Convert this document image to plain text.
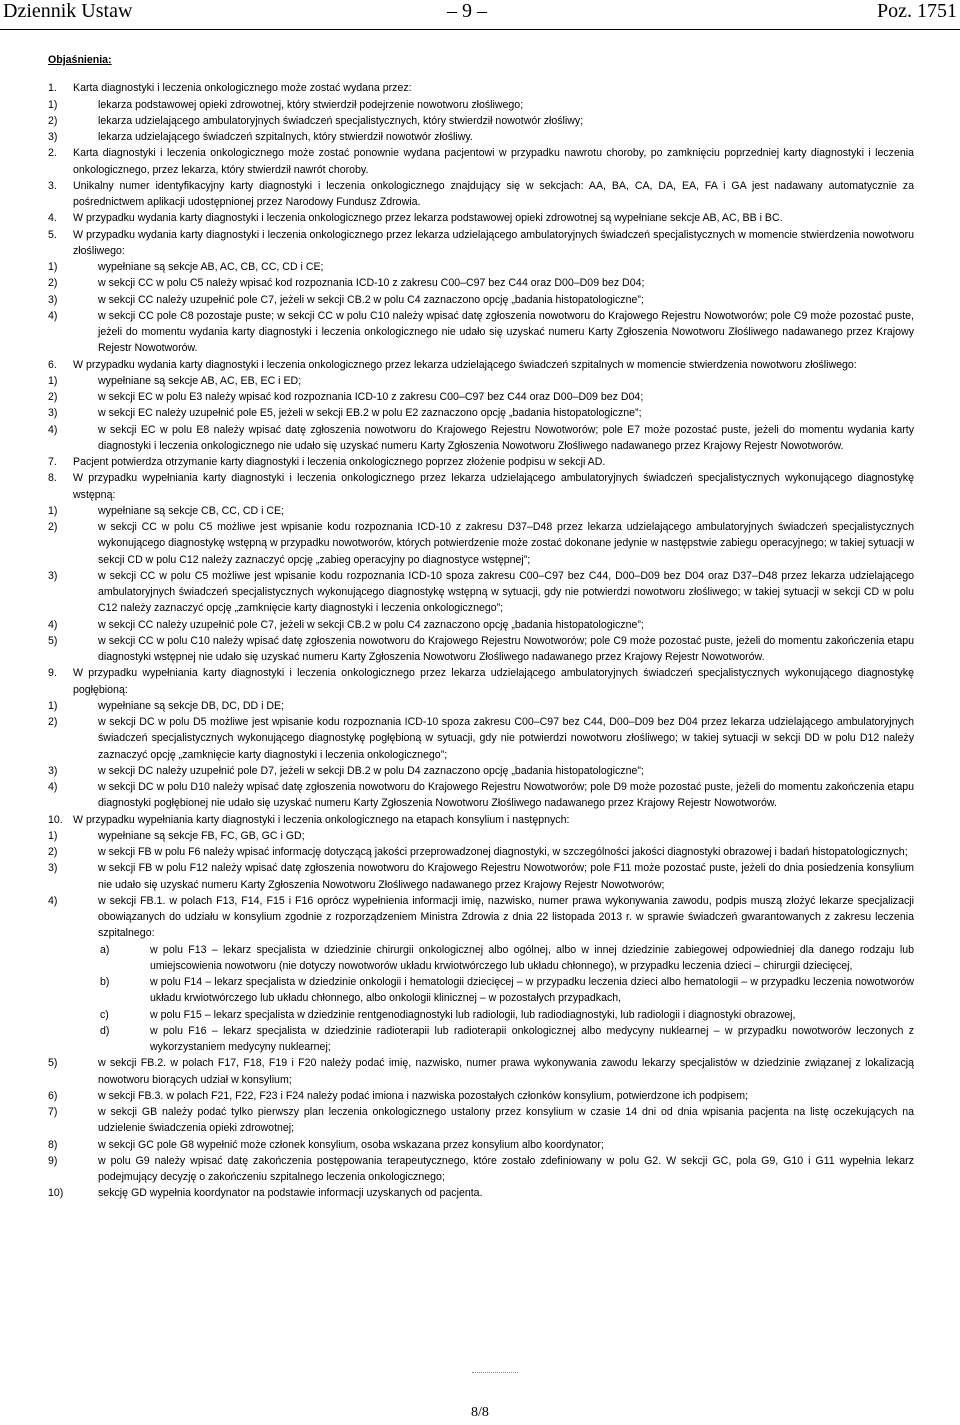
Dziennik Ustaw	– 9 –	Poz. 1751
Objaśnienia:
1. Karta diagnostyki i leczenia onkologicznego może zostać wydana przez:
1)	lekarza podstawowej opieki zdrowotnej, który stwierdził podejrzenie nowotworu złośliwego;
2)	lekarza udzielającego ambulatoryjnych świadczeń specjalistycznych, który stwierdził nowotwór złośliwy;
3)	lekarza udzielającego świadczeń szpitalnych, który stwierdził nowotwór złośliwy.
2. Karta diagnostyki i leczenia onkologicznego może zostać ponownie wydana pacjentowi w przypadku nawrotu choroby, po zamknięciu poprzedniej karty diagnostyki i leczenia onkologicznego, przez lekarza, który stwierdził nawrót choroby.
3. Unikalny numer identyfikacyjny karty diagnostyki i leczenia onkologicznego znajdujący się w sekcjach: AA, BA, CA, DA, EA, FA i GA jest nadawany automatycznie za pośrednictwem aplikacji udostępnionej przez Narodowy Fundusz Zdrowia.
4. W przypadku wydania karty diagnostyki i leczenia onkologicznego przez lekarza podstawowej opieki zdrowotnej są wypełniane sekcje AB, AC, BB i BC.
5. W przypadku wydania karty diagnostyki i leczenia onkologicznego przez lekarza udzielającego ambulatoryjnych świadczeń specjalistycznych w momencie stwierdzenia nowotworu złośliwego:
1)	wypełniane są sekcje AB, AC, CB, CC, CD i CE;
2)	w sekcji CC w polu C5 należy wpisać kod rozpoznania ICD-10 z zakresu C00–C97 bez C44 oraz D00–D09 bez D04;
3)	w sekcji CC należy uzupełnić pole C7, jeżeli w sekcji CB.2 w polu C4 zaznaczono opcję „badania histopatologiczne”;
4)	w sekcji CC pole C8 pozostaje puste; w sekcji CC w polu C10 należy wpisać datę zgłoszenia nowotworu do Krajowego Rejestru Nowotworów; pole C9 może pozostać puste, jeżeli do momentu wydania karty diagnostyki i leczenia onkologicznego nie udało się uzyskać numeru Karty Zgłoszenia Nowotworu Złośliwego nadawanego przez Krajowy Rejestr Nowotworów.
6. W przypadku wydania karty diagnostyki i leczenia onkologicznego przez lekarza udzielającego świadczeń szpitalnych w momencie stwierdzenia nowotworu złośliwego:
1)	wypełniane są sekcje AB, AC, EB, EC i ED;
2)	w sekcji EC w polu E3 należy wpisać kod rozpoznania ICD-10 z zakresu C00–C97 bez C44 oraz D00–D09 bez D04;
3)	w sekcji EC należy uzupełnić pole E5, jeżeli w sekcji EB.2 w polu E2 zaznaczono opcję „badania histopatologiczne”;
4)	w sekcji EC w polu E8 należy wpisać datę zgłoszenia nowotworu do Krajowego Rejestru Nowotworów; pole E7 może pozostać puste, jeżeli do momentu wydania karty diagnostyki i leczenia onkologicznego nie udało się uzyskać numeru Karty Zgłoszenia Nowotworu Złośliwego nadawanego przez Krajowy Rejestr Nowotworów.
7. Pacjent potwierdza otrzymanie karty diagnostyki i leczenia onkologicznego poprzez złożenie podpisu w sekcji AD.
8. W przypadku wypełniania karty diagnostyki i leczenia onkologicznego przez lekarza udzielającego ambulatoryjnych świadczeń specjalistycznych wykonującego diagnostykę wstępną:
1)	wypełniane są sekcje CB, CC, CD i CE;
2)	w sekcji CC w polu C5 możliwe jest wpisanie kodu rozpoznania ICD-10 z zakresu D37–D48 przez lekarza udzielającego ambulatoryjnych świadczeń specjalistycznych wykonującego diagnostykę wstępną w przypadku nowotworów, których potwierdzenie może zostać dokonane jedynie w następstwie zabiegu operacyjnego; w takiej sytuacji w sekcji CD w polu C12 należy zaznaczyć opcję „zabieg operacyjny po diagnostyce wstępnej”;
3)	w sekcji CC w polu C5 możliwe jest wpisanie kodu rozpoznania ICD-10 spoza zakresu C00–C97 bez C44, D00–D09 bez D04 oraz D37–D48 przez lekarza udzielającego ambulatoryjnych świadczeń specjalistycznych wykonującego diagnostykę wstępną w sytuacji, gdy nie potwierdzi nowotworu złośliwego; w takiej sytuacji w sekcji CD w polu C12 należy zaznaczyć opcję „zamknięcie karty diagnostyki i leczenia onkologicznego”;
4)	w sekcji CC należy uzupełnić pole C7, jeżeli w sekcji CB.2 w polu C4 zaznaczono opcję „badania histopatologiczne”;
5)	w sekcji CC w polu C10 należy wpisać datę zgłoszenia nowotworu do Krajowego Rejestru Nowotworów; pole C9 może pozostać puste, jeżeli do momentu zakończenia etapu diagnostyki wstępnej nie udało się uzyskać numeru Karty Zgłoszenia Nowotworu Złośliwego nadawanego przez Krajowy Rejestr Nowotworów.
9. W przypadku wypełniania karty diagnostyki i leczenia onkologicznego przez lekarza udzielającego ambulatoryjnych świadczeń specjalistycznych wykonującego diagnostykę pogłębioną:
1)	wypełniane są sekcje DB, DC, DD i DE;
2)	w sekcji DC w polu D5 możliwe jest wpisanie kodu rozpoznania ICD-10 spoza zakresu C00–C97 bez C44, D00–D09 bez D04 przez lekarza udzielającego ambulatoryjnych świadczeń specjalistycznych wykonującego diagnostykę pogłębioną w sytuacji, gdy nie potwierdzi nowotworu złośliwego; w takiej sytuacji w sekcji DD w polu D12 należy zaznaczyć opcję „zamknięcie karty diagnostyki i leczenia onkologicznego”;
3)	w sekcji DC należy uzupełnić pole D7, jeżeli w sekcji DB.2 w polu D4 zaznaczono opcję „badania histopatologiczne”;
4)	w sekcji DC w polu D10 należy wpisać datę zgłoszenia nowotworu do Krajowego Rejestru Nowotworów; pole D9 może pozostać puste, jeżeli do momentu zakończenia etapu diagnostyki pogłębionej nie udało się uzyskać numeru Karty Zgłoszenia Nowotworu Złośliwego nadawanego przez Krajowy Rejestr Nowotworów.
10. W przypadku wypełniania karty diagnostyki i leczenia onkologicznego na etapach konsylium i następnych:
1)	wypełniane są sekcje FB, FC, GB, GC i GD;
2)	w sekcji FB w polu F6 należy wpisać informację dotyczącą jakości przeprowadzonej diagnostyki, w szczególności jakości diagnostyki obrazowej i badań histopatologicznych;
3)	w sekcji FB w polu F12 należy wpisać datę zgłoszenia nowotworu do Krajowego Rejestru Nowotworów; pole F11 może pozostać puste, jeżeli do dnia posiedzenia konsylium nie udało się uzyskać numeru Karty Zgłoszenia Nowotworu Złośliwego nadawanego przez Krajowy Rejestr Nowotworów;
4)	w sekcji FB.1. w polach F13, F14, F15 i F16 oprócz wypełnienia informacji imię, nazwisko, numer prawa wykonywania zawodu, podpis muszą złożyć lekarze specjalizacji obowiązanych do udziału w konsylium zgodnie z rozporządzeniem Ministra Zdrowia z dnia 22 listopada 2013 r. w sprawie świadczeń gwarantowanych z zakresu leczenia szpitalnego:
a)	w polu F13 – lekarz specjalista w dziedzinie chirurgii onkologicznej albo ogólnej, albo w innej dziedzinie zabiegowej odpowiedniej dla danego rodzaju lub umiejscowienia nowotworu (nie dotyczy nowotworów układu krwiotwórczego lub układu chłonnego), w przypadku leczenia dzieci – chirurgii dziecięcej,
b)	w polu F14 – lekarz specjalista w dziedzinie onkologii i hematologii dziecięcej – w przypadku leczenia dzieci albo hematologii – w przypadku leczenia nowotworów układu krwiotwórczego lub układu chłonnego, albo onkologii klinicznej – w pozostałych przypadkach,
c)	w polu F15 – lekarz specjalista w dziedzinie rentgenodiagnostyki lub radiologii, lub radiodiagnostyki, lub radiologii i diagnostyki obrazowej,
d)	w polu F16 – lekarz specjalista w dziedzinie radioterapii lub radioterapii onkologicznej albo medycyny nuklearnej – w przypadku nowotworów leczonych z wykorzystaniem medycyny nuklearnej;
5)	w sekcji FB.2. w polach F17, F18, F19 i F20 należy podać imię, nazwisko, numer prawa wykonywania zawodu lekarzy specjalistów w dziedzinie związanej z lokalizacją nowotworu biorących udział w konsylium;
6)	w sekcji FB.3. w polach F21, F22, F23 i F24 należy podać imiona i nazwiska pozostałych członków konsylium, potwierdzone ich podpisem;
7)	w sekcji GB należy podać tylko pierwszy plan leczenia onkologicznego ustalony przez konsylium w czasie 14 dni od dnia wpisania pacjenta na listę oczekujących na udzielenie świadczenia opieki zdrowotnej;
8)	w sekcji GC pole G8 wypełnić może członek konsylium, osoba wskazana przez konsylium albo koordynator;
9)	w polu G9 należy wpisać datę zakończenia postępowania terapeutycznego, które zostało zdefiniowany w polu G2. W sekcji GC, pola G9, G10 i G11 wypełnia lekarz podejmujący decyzję o zakończeniu szpitalnego leczenia onkologicznego;
10)	sekcję GD wypełnia koordynator na podstawie informacji uzyskanych od pacjenta.
8/8
